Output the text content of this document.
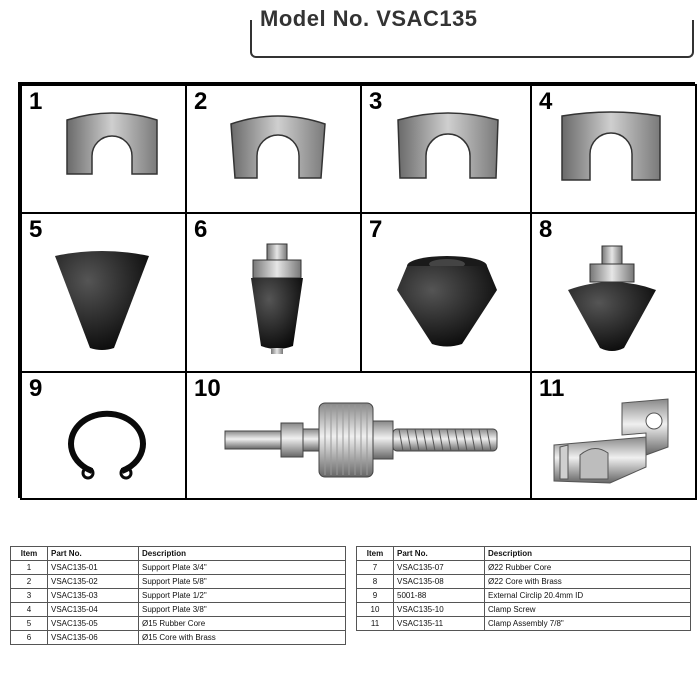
Model No. VSAC135
1	2	3	4
5	6	7	8
9	10	11
Item	Part No.	Description
1	VSAC135-01	Support Plate 3/4"
2	VSAC135-02	Support Plate 5/8"
3	VSAC135-03	Support Plate 1/2"
4	VSAC135-04	Support Plate 3/8"
5	VSAC135-05	Ø15 Rubber Core
6	VSAC135-06	Ø15 Core with Brass
Item	Part No.	Description
7	VSAC135-07	Ø22 Rubber Core
8	VSAC135-08	Ø22 Core with Brass
9	5001-88	External Circlip 20.4mm ID
10	VSAC135-10	Clamp Screw
11	VSAC135-11	Clamp Assembly 7/8"
